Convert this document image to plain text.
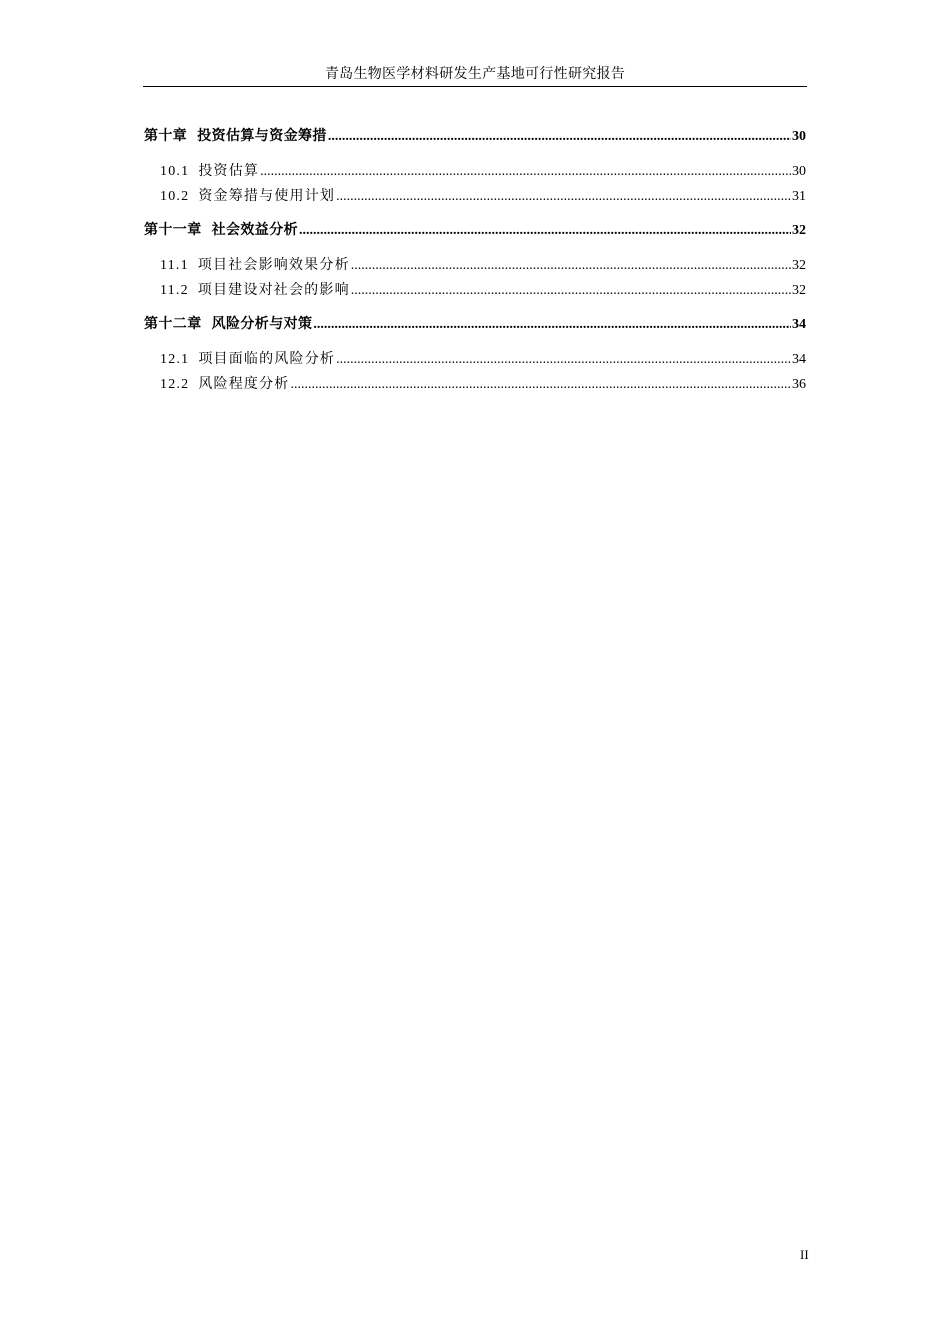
青岛生物医学材料研发生产基地可行性研究报告
第十章 投资估算与资金筹措 .....	30
10.1 投资估算 .....	30
10.2 资金筹措与使用计划 .....	31
第十一章 社会效益分析 .....	32
11.1 项目社会影响效果分析 .....	32
11.2 项目建设对社会的影响 .....	32
第十二章 风险分析与对策 .....	34
12.1 项目面临的风险分析 .....	34
12.2 风险程度分析 .....	36
II
